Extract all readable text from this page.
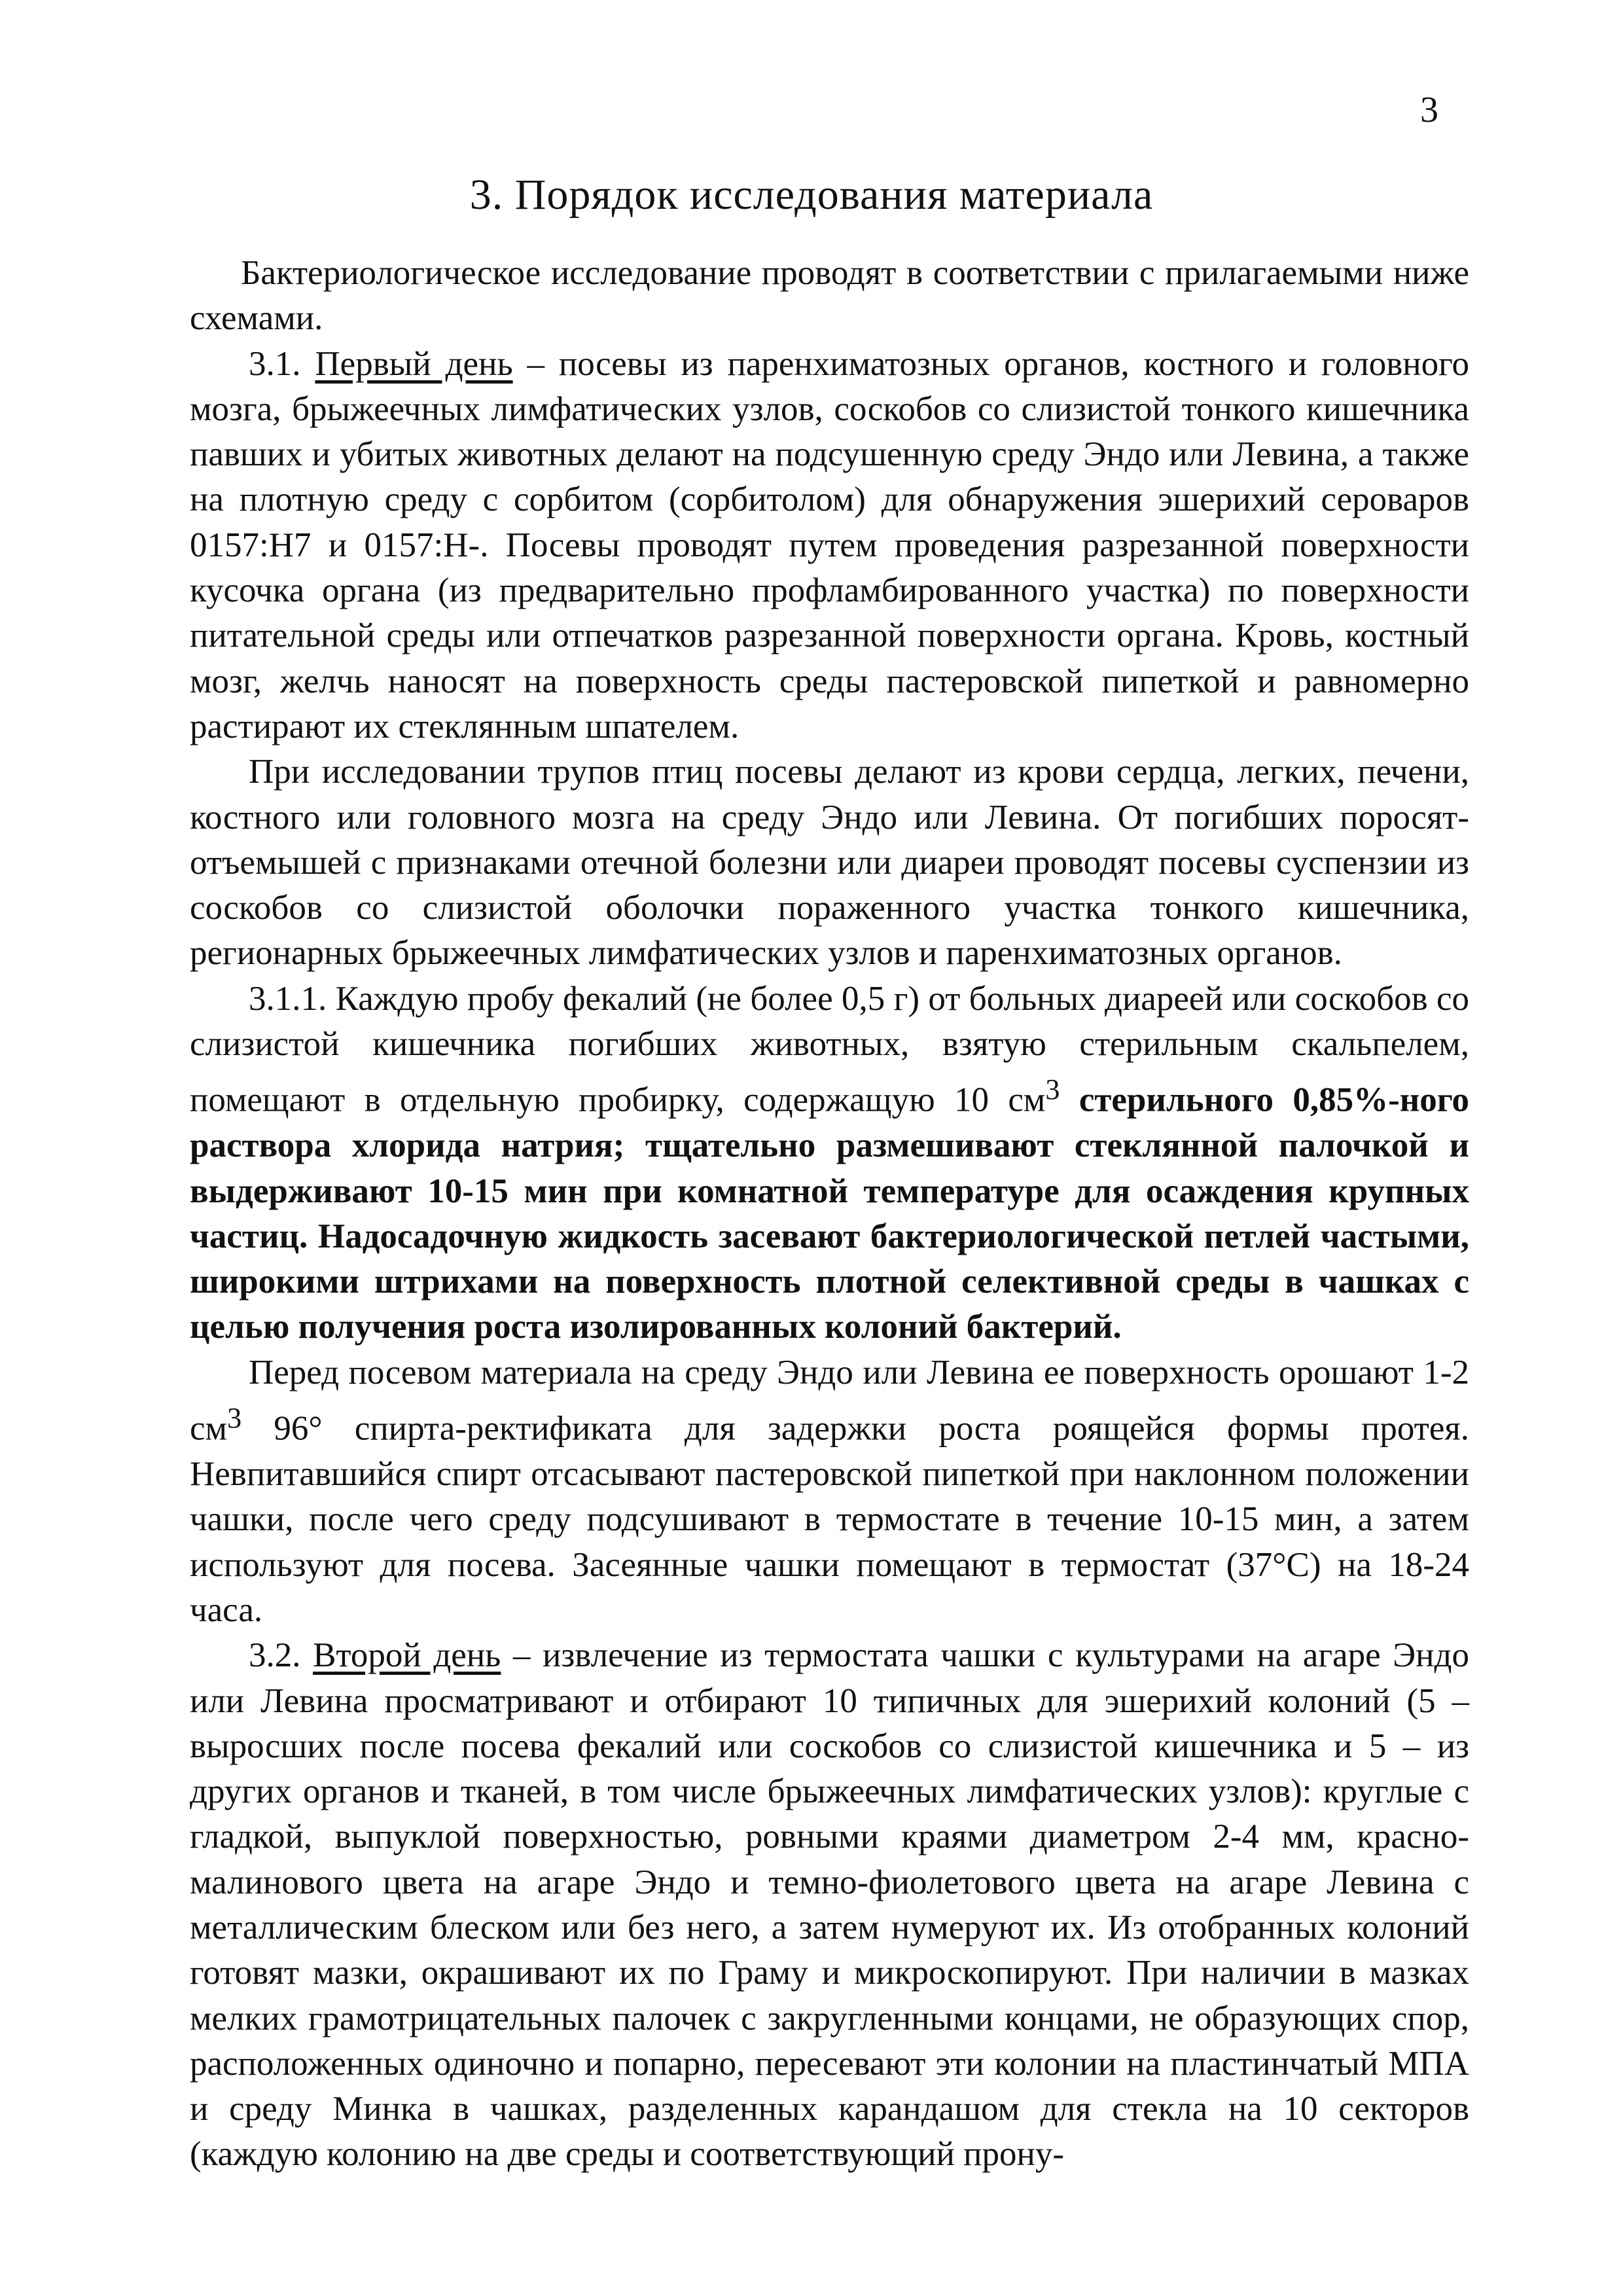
3
3. Порядок исследования материала

Бактериологическое исследование проводят в соответствии с прилагаемыми ниже схемами.

3.1. Первый день – посевы из паренхиматозных органов, костного и головного мозга, брыжеечных лимфатических узлов, соскобов со слизистой тонкого кишечника павших и убитых животных делают на подсушенную среду Эндо или Левина, а также на плотную среду с сорбитом (сорбитолом) для обнаружения эшерихий сероваров 0157:Н7 и 0157:Н-. Посевы проводят путем проведения разрезанной поверхности кусочка органа (из предварительно профламбированного участка) по поверхности питательной среды или отпечатков разрезанной поверхности органа. Кровь, костный мозг, желчь наносят на поверхность среды пастеровской пипеткой и равномерно растирают их стеклянным шпателем.

При исследовании трупов птиц посевы делают из крови сердца, легких, печени, костного или головного мозга на среду Эндо или Левина. От погибших поросят-отъемышей с признаками отечной болезни или диареи проводят посевы суспензии из соскобов со слизистой оболочки пораженного участка тонкого кишечника, регионарных брыжеечных лимфатических узлов и паренхиматозных органов.

3.1.1. Каждую пробу фекалий (не более 0,5 г) от больных диареей или соскобов со слизистой кишечника погибших животных, взятую стерильным скальпелем, помещают в отдельную пробирку, содержащую 10 $см^3$ стерильного 0,85%-ного раствора хлорида натрия; тщательно размешивают стеклянной палочкой и выдерживают 10-15 мин при комнатной температуре для осаждения крупных частиц. Надосадочную жидкость засевают бактериологической петлей частыми, широкими штрихами на поверхность плотной селективной среды в чашках с целью получения роста изолированных колоний бактерий.

Перед посевом материала на среду Эндо или Левина ее поверхность орошают 1-2 $см^3$ 96° спирта-ректификата для задержки роста роящейся формы протея. Невпитавшийся спирт отсасывают пастеровской пипеткой при наклонном положении чашки, после чего среду подсушивают в термостате в течение 10-15 мин, а затем используют для посева. Засеянные чашки помещают в термостат (37°С) на 18-24 часа.

3.2. Второй день – извлечение из термостата чашки с культурами на агаре Эндо или Левина просматривают и отбирают 10 типичных для эшерихий колоний (5 – выросших после посева фекалий или соскобов со слизистой кишечника и 5 – из других органов и тканей, в том числе брыжеечных лимфатических узлов): круглые с гладкой, выпуклой поверхностью, ровными краями диаметром 2-4 мм, красно-малинового цвета на агаре Эндо и темно-фиолетового цвета на агаре Левина с металлическим блеском или без него, а затем нумеруют их. Из отобранных колоний готовят мазки, окрашивают их по Граму и микроскопируют. При наличии в мазках мелких грамотрицательных палочек с закругленными концами, не образующих спор, расположенных одиночно и попарно, пересевают эти колонии на пластинчатый МПА и среду Минка в чашках, разделенных карандашом для стекла на 10 секторов (каждую колонию на две среды и соответствующий прону-
